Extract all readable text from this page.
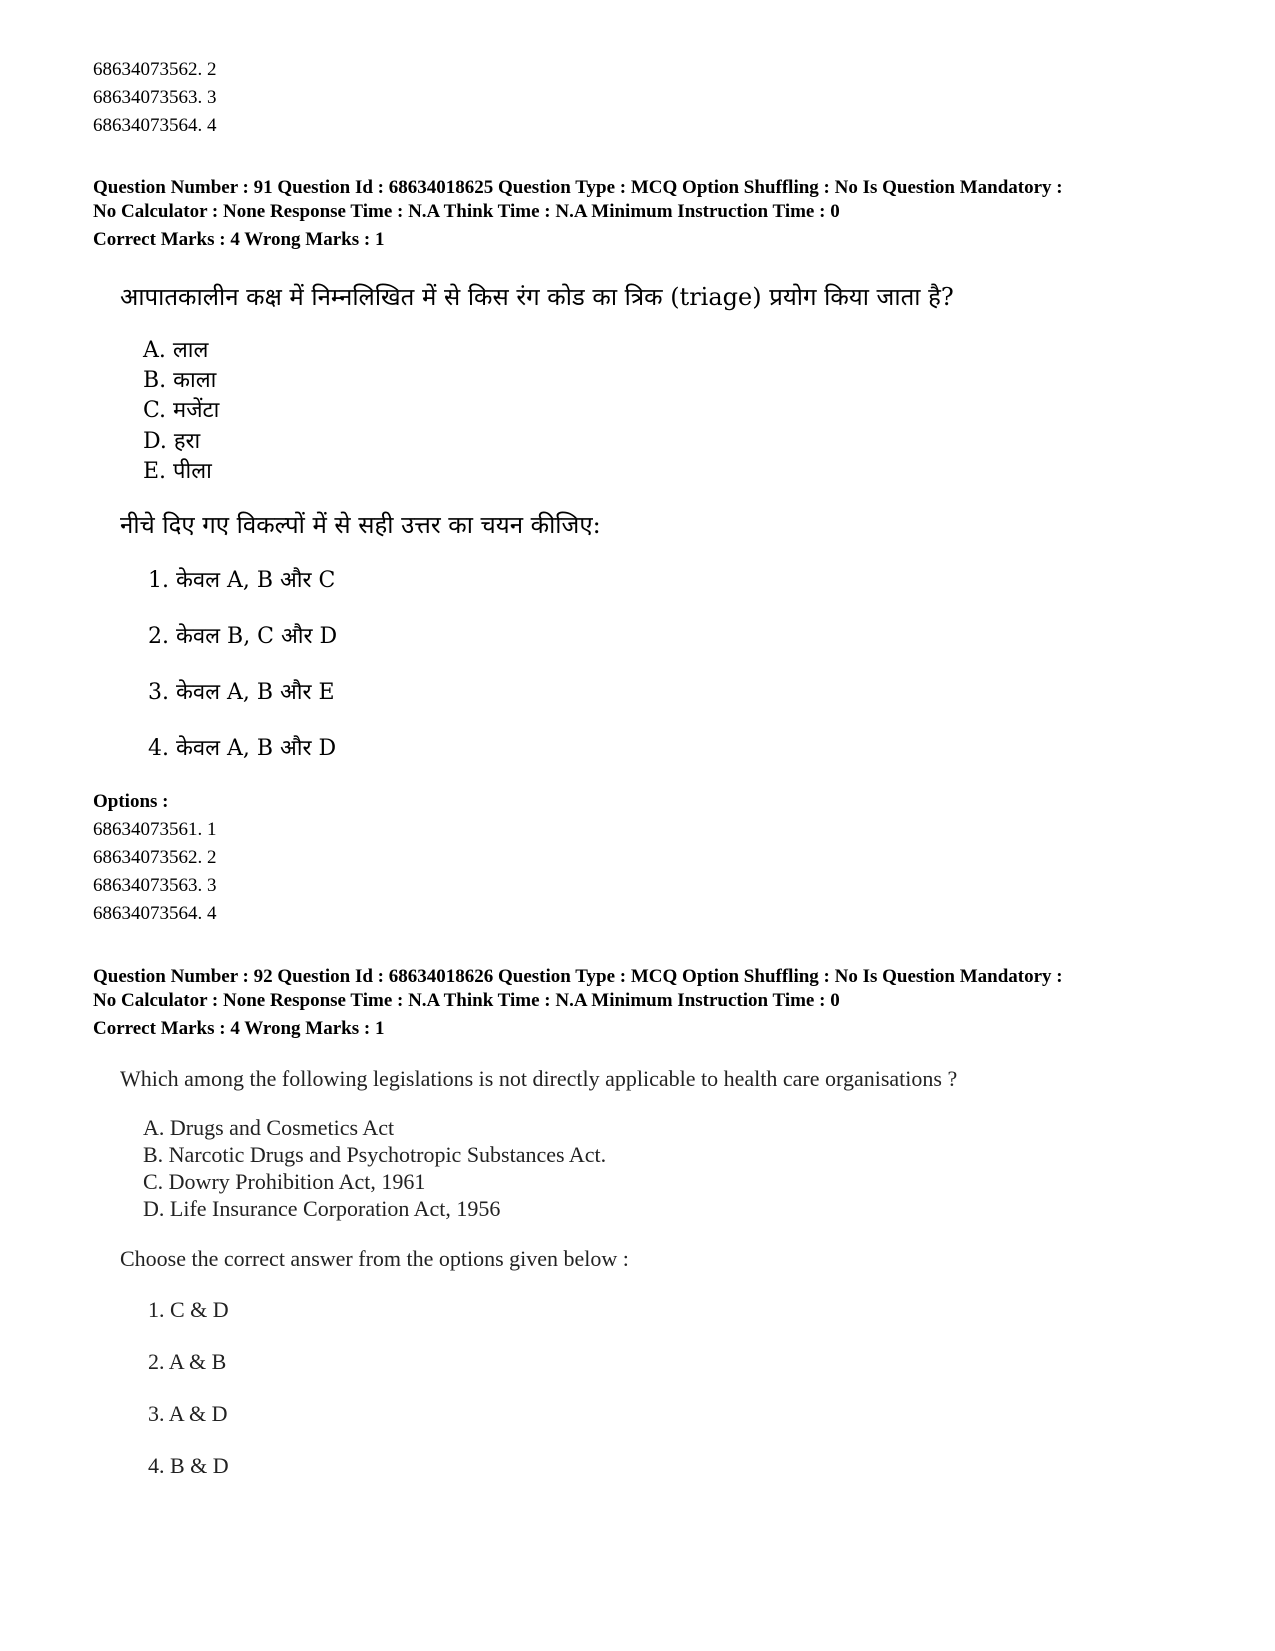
68634073562. 2
68634073563. 3
68634073564. 4
Question Number : 91 Question Id : 68634018625 Question Type : MCQ Option Shuffling : No Is Question Mandatory :
No Calculator : None Response Time : N.A Think Time : N.A Minimum Instruction Time : 0
Correct Marks : 4 Wrong Marks : 1
आपातकालीन कक्ष में निम्नलिखित में से किस रंग कोड का त्रिक (triage) प्रयोग किया जाता है?
A. लाल
B. काला
C. मजेंटा
D. हरा
E. पीला
नीचे दिए गए विकल्पों में से सही उत्तर का चयन कीजिए:
1. केवल A, B और C
2. केवल B, C और D
3. केवल A, B और E
4. केवल A, B और D
Options :
68634073561. 1
68634073562. 2
68634073563. 3
68634073564. 4
Question Number : 92 Question Id : 68634018626 Question Type : MCQ Option Shuffling : No Is Question Mandatory :
No Calculator : None Response Time : N.A Think Time : N.A Minimum Instruction Time : 0
Correct Marks : 4 Wrong Marks : 1
Which among the following legislations is not directly applicable to health care organisations ?
A. Drugs and Cosmetics Act
B. Narcotic Drugs and Psychotropic Substances Act.
C. Dowry Prohibition Act, 1961
D. Life Insurance Corporation Act, 1956
Choose the correct answer from the options given below :
1. C & D
2. A & B
3. A & D
4. B & D
